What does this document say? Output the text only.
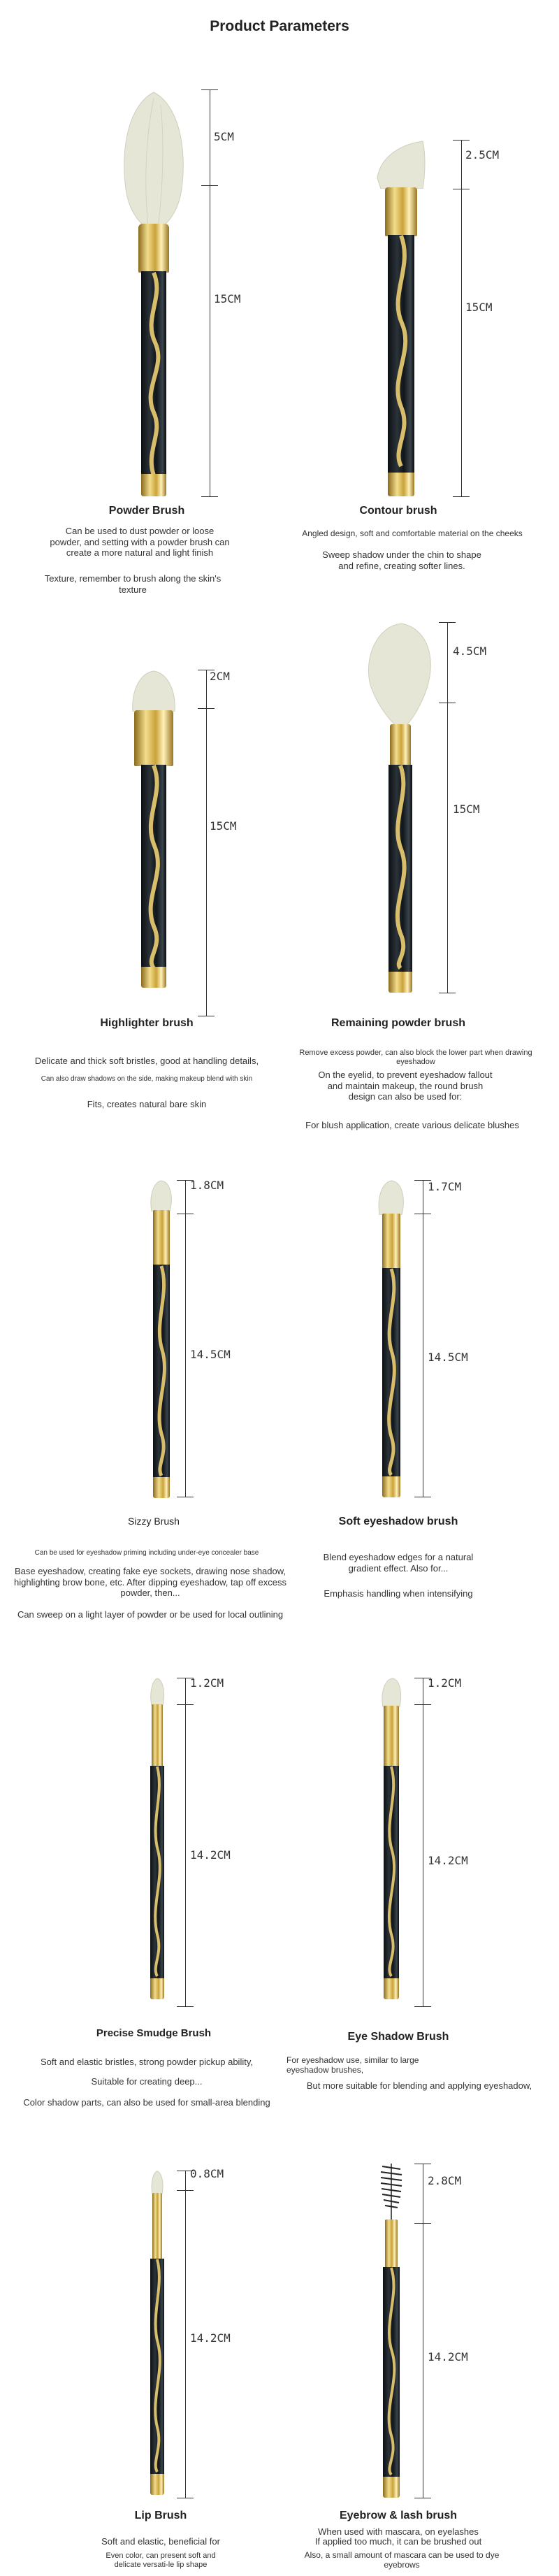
Product Parameters
5CM
15CM
Powder Brush
Can be used to dust powder or loose powder, and setting with a powder brush can create a more natural and light finish
Texture, remember to brush along the skin's texture
2.5CM
15CM
Contour brush
Angled design, soft and comfortable material on the cheeks
Sweep shadow under the chin to shape and refine, creating softer lines.
2CM
15CM
Highlighter brush
Delicate and thick soft bristles, good at handling details,
Can also draw shadows on the side, making makeup blend with skin
Fits, creates natural bare skin
4.5CM
15CM
Remaining powder brush
Remove excess powder, can also block the lower part when drawing eyeshadow
On the eyelid, to prevent eyeshadow fallout and maintain makeup, the round brush design can also be used for:
For blush application, create various delicate blushes
1.8CM
14.5CM
Sizzy Brush
Can be used for eyeshadow priming including under-eye concealer base
Base eyeshadow, creating fake eye sockets, drawing nose shadow, highlighting brow bone, etc. After dipping eyeshadow, tap off excess powder, then...
Can sweep on a light layer of powder or be used for local outlining
1.7CM
14.5CM
Soft eyeshadow brush
Blend eyeshadow edges for a natural gradient effect. Also for...
Emphasis handling when intensifying
1.2CM
14.2CM
Precise Smudge Brush
Soft and elastic bristles, strong powder pickup ability,
Suitable for creating deep...
Color shadow parts, can also be used for small-area blending
1.2CM
14.2CM
Eye Shadow Brush
For eyeshadow use, similar to large eyeshadow brushes,
But more suitable for blending and applying eyeshadow,
0.8CM
14.2CM
Lip Brush
Soft and elastic, beneficial for
Even color, can present soft and delicate versati-le lip shape
2.8CM
14.2CM
Eyebrow & lash brush
When used with mascara, on eyelashes
If applied too much, it can be brushed out
Also, a small amount of mascara can be used to dye eyebrows
